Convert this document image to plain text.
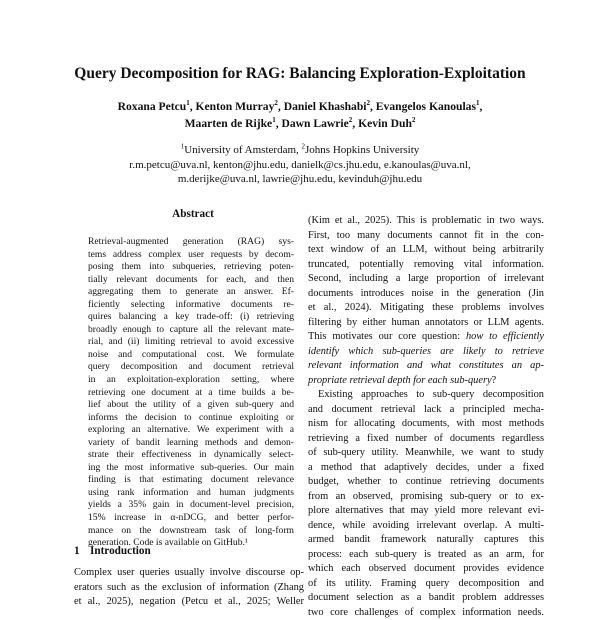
Query Decomposition for RAG: Balancing Exploration-Exploitation
Roxana Petcu$^1$, Kenton Murray$^2$, Daniel Khashabi$^2$, Evangelos Kanoulas$^1$,
Maarten de Rijke$^1$, Dawn Lawrie$^2$, Kevin Duh$^2$
$^1$University of Amsterdam, $^2$Johns Hopkins University
r.m.petcu@uva.nl, kenton@jhu.edu, danielk@cs.jhu.edu, e.kanoulas@uva.nl,
m.derijke@uva.nl, lawrie@jhu.edu, kevinduh@jhu.edu
Abstract
Retrieval-augmented generation (RAG) sys-
tems address complex user requests by decom-
posing them into subqueries, retrieving poten-
tially relevant documents for each, and then
aggregating them to generate an answer. Ef-
ficiently selecting informative documents re-
quires balancing a key trade-off: (i) retrieving
broadly enough to capture all the relevant mate-
rial, and (ii) limiting retrieval to avoid excessive
noise and computational cost. We formulate
query decomposition and document retrieval
in an exploitation-exploration setting, where
retrieving one document at a time builds a be-
lief about the utility of a given sub-query and
informs the decision to continue exploiting or
exploring an alternative. We experiment with a
variety of bandit learning methods and demon-
strate their effectiveness in dynamically select-
ing the most informative sub-queries. Our main
finding is that estimating document relevance
using rank information and human judgments
yields a 35% gain in document-level precision,
15% increase in α-nDCG, and better perfor-
mance on the downstream task of long-form
generation. Code is available on GitHub.¹
1 Introduction
Complex user queries usually involve discourse op-
erators such as the exclusion of information (Zhang
et al., 2025), negation (Petcu et al., 2025; Weller
(Kim et al., 2025). This is problematic in two ways.
First, too many documents cannot fit in the con-
text window of an LLM, without being arbitrarily
truncated, potentially removing vital information.
Second, including a large proportion of irrelevant
documents introduces noise in the generation (Jin
et al., 2024). Mitigating these problems involves
filtering by either human annotators or LLM agents.
This motivates our core question: how to efficiently
identify which sub-queries are likely to retrieve
relevant information and what constitutes an ap-
propriate retrieval depth for each sub-query?
Existing approaches to sub-query decomposition
and document retrieval lack a principled mecha-
nism for allocating documents, with most methods
retrieving a fixed number of documents regardless
of sub-query utility. Meanwhile, we want to study
a method that adaptively decides, under a fixed
budget, whether to continue retrieving documents
from an observed, promising sub-query or to ex-
plore alternatives that may yield more relevant evi-
dence, while avoiding irrelevant overlap. A multi-
armed bandit framework naturally captures this
process: each sub-query is treated as an arm, for
which each observed document provides evidence
of its utility. Framing query decomposition and
document selection as a bandit problem addresses
two core challenges of complex information needs.
